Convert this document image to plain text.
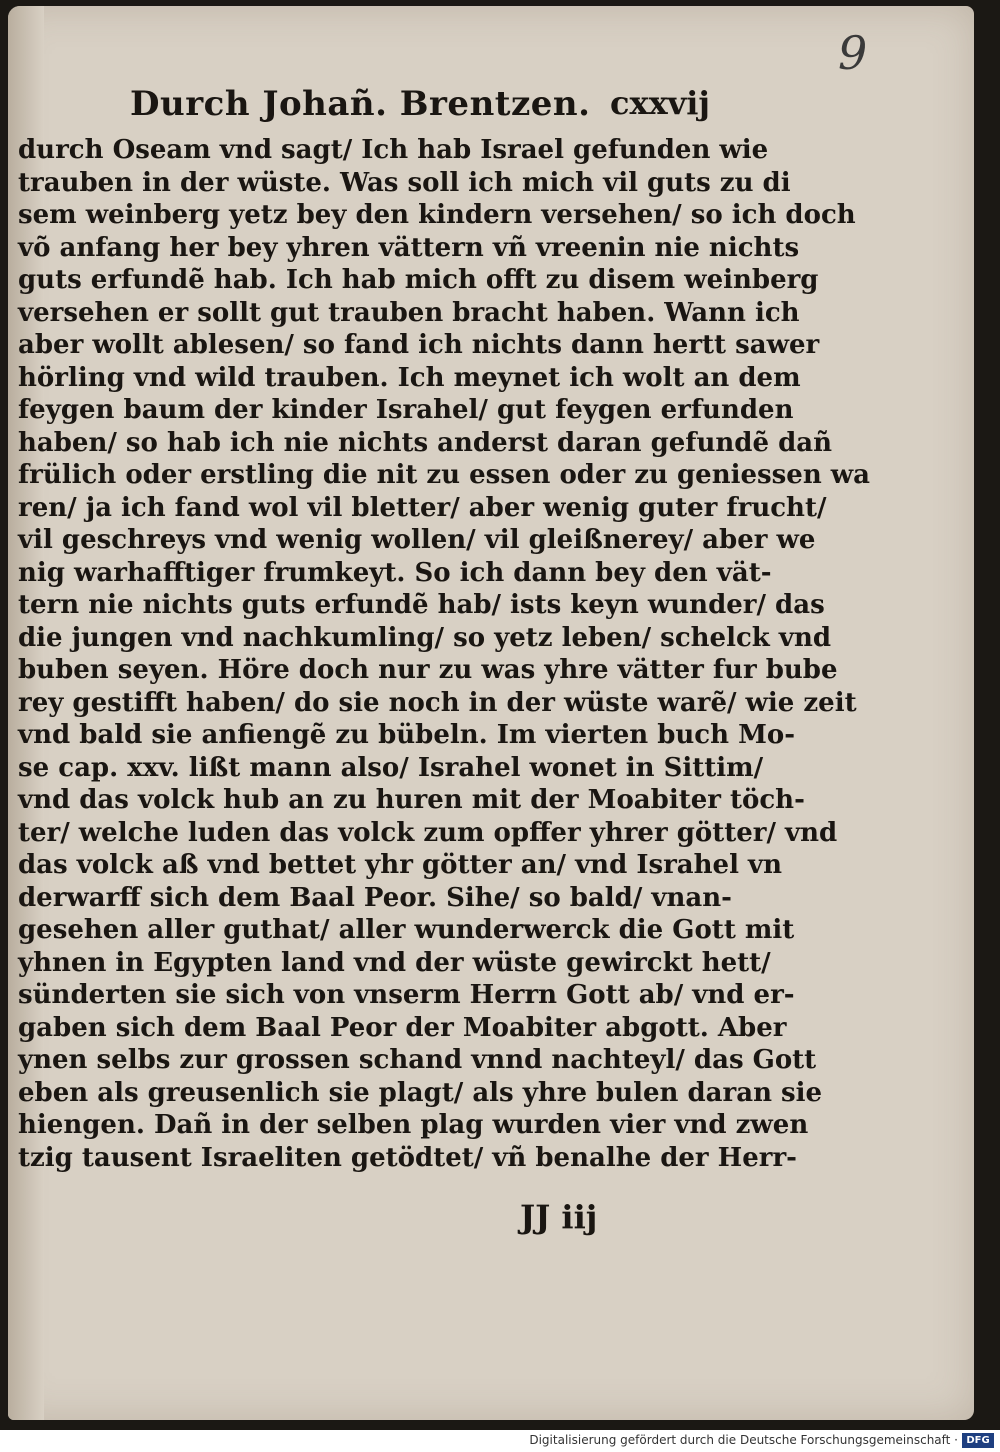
9
Durch Johañ. Brentzen. cxxvij
durch Oseam vnd sagt/ Ich hab Israel gefunden wie
trauben in der wüste. Was soll ich mich vil guts zu di
sem weinberg yetz bey den kindern versehen/ so ich doch
võ anfang her bey yhren vättern vñ vreenin nie nichts
guts erfundẽ hab. Ich hab mich offt zu disem weinberg
versehen er sollt gut trauben bracht haben. Wann ich
aber wollt ablesen/ so fand ich nichts dann hertt sawer
hörling vnd wild trauben. Ich meynet ich wolt an dem
feygen baum der kinder Israhel/ gut feygen erfunden
haben/ so hab ich nie nichts anderst daran gefundẽ dañ
frülich oder erstling die nit zu essen oder zu geniessen wa
ren/ ja ich fand wol vil bletter/ aber wenig guter frucht/
vil geschreys vnd wenig wollen/ vil gleißnerey/ aber we
nig warhafftiger frumkeyt. So ich dann bey den vät-
tern nie nichts guts erfundẽ hab/ ists keyn wunder/ das
die jungen vnd nachkumling/ so yetz leben/ schelck vnd
buben seyen. Höre doch nur zu was yhre vätter fur bube
rey gestifft haben/ do sie noch in der wüste warẽ/ wie zeit
vnd bald sie anfiengẽ zu bübeln. Im vierten buch Mo-
se cap. xxv. lißt mann also/ Israhel wonet in Sittim/
vnd das volck hub an zu huren mit der Moabiter töch-
ter/ welche luden das volck zum opffer yhrer götter/ vnd
das volck aß vnd bettet yhr götter an/ vnd Israhel vn
derwarff sich dem Baal Peor. Sihe/ so bald/ vnan-
gesehen aller guthat/ aller wunderwerck die Gott mit
yhnen in Egypten land vnd der wüste gewirckt hett/
sünderten sie sich von vnserm Herrn Gott ab/ vnd er-
gaben sich dem Baal Peor der Moabiter abgott. Aber
ynen selbs zur grossen schand vnnd nachteyl/ das Gott
eben als greusenlich sie plagt/ als yhre bulen daran sie
hiengen. Dañ in der selben plag wurden vier vnd zwen
tzig tausent Israeliten getödtet/ vñ benalhe der Herr-
JJ iij
Digitalisierung gefördert durch die Deutsche Forschungsgemeinschaft · DFG
